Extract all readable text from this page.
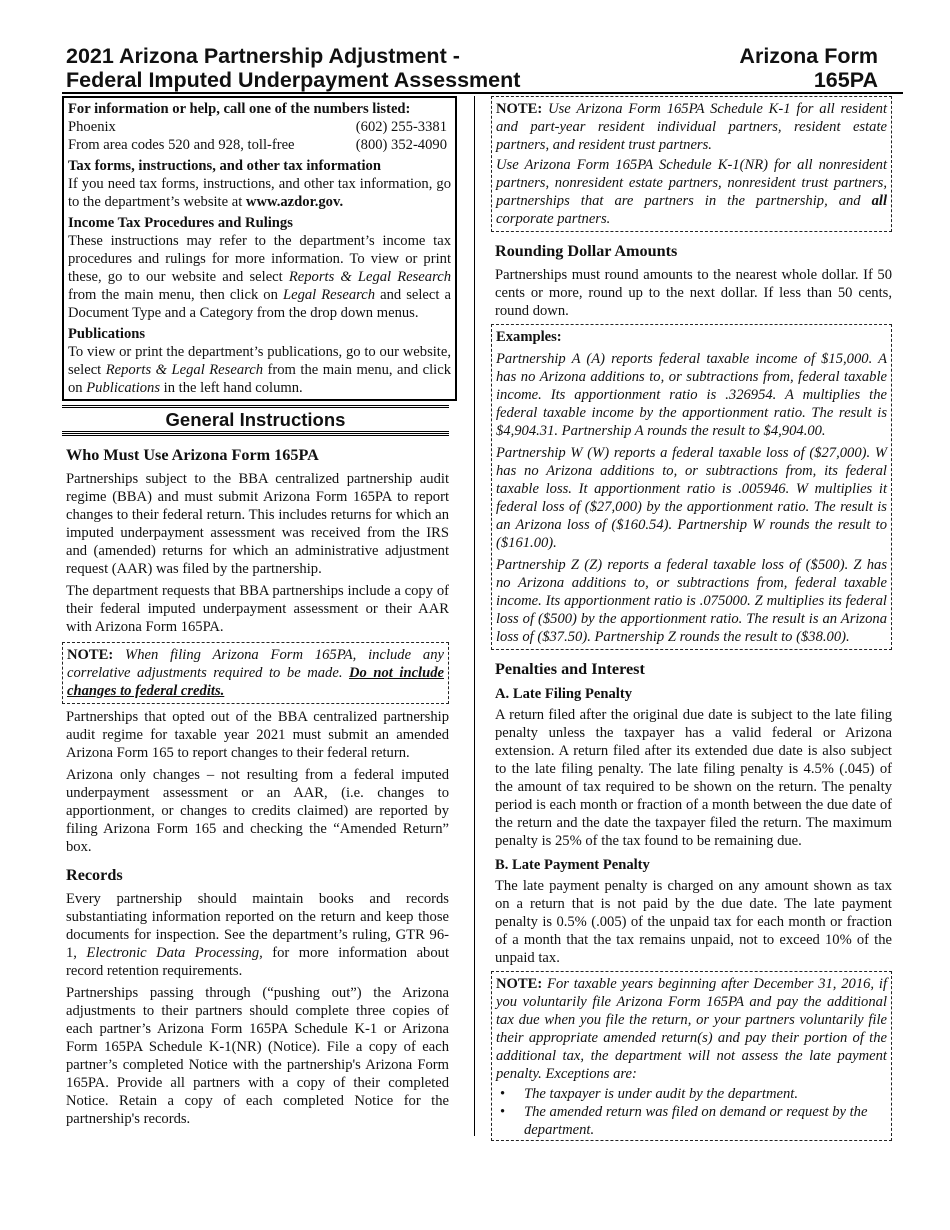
2021 Arizona Partnership Adjustment -
Federal Imputed Underpayment Assessment
Arizona Form
165PA

For information or help, call one of the numbers listed:

Phoenix	(602) 255-3381
From area codes 520 and 928, toll-free	(800) 352-4090

Tax forms, instructions, and other tax information

If you need tax forms, instructions, and other tax information, go to the department’s website at www.azdor.gov.

Income Tax Procedures and Rulings

These instructions may refer to the department’s income tax procedures and rulings for more information. To view or print these, go to our website and select Reports & Legal Research from the main menu, then click on Legal Research and select a Document Type and a Category from the drop down menus.

Publications

To view or print the department’s publications, go to our website, select Reports & Legal Research from the main menu, and click on Publications in the left hand column.

General Instructions

Who Must Use Arizona Form 165PA

Partnerships subject to the BBA centralized partnership audit regime (BBA) and must submit Arizona Form 165PA to report changes to their federal return. This includes returns for which an imputed underpayment assessment was received from the IRS and (amended) returns for which an administrative adjustment request (AAR) was filed by the partnership.

The department requests that BBA partnerships include a copy of their federal imputed underpayment assessment or their AAR with Arizona Form 165PA.

NOTE: When filing Arizona Form 165PA, include any correlative adjustments required to be made. Do not include changes to federal credits.

Partnerships that opted out of the BBA centralized partnership audit regime for taxable year 2021 must submit an amended Arizona Form 165 to report changes to their federal return.

Arizona only changes – not resulting from a federal imputed underpayment assessment or an AAR, (i.e. changes to apportionment, or changes to credits claimed) are reported by filing Arizona Form 165 and checking the “Amended Return” box.

Records

Every partnership should maintain books and records substantiating information reported on the return and keep those documents for inspection. See the department’s ruling, GTR 96-1, Electronic Data Processing, for more information about record retention requirements.

Partnerships passing through (“pushing out”) the Arizona adjustments to their partners should complete three copies of each partner’s Arizona Form 165PA Schedule K-1 or Arizona Form 165PA Schedule K-1(NR) (Notice). File a copy of each partner’s completed Notice with the partnership's Arizona Form 165PA. Provide all partners with a copy of their completed Notice. Retain a copy of each completed Notice for the partnership's records.

NOTE: Use Arizona Form 165PA Schedule K-1 for all resident and part-year resident individual partners, resident estate partners, and resident trust partners.

Use Arizona Form 165PA Schedule K-1(NR) for all nonresident partners, nonresident estate partners, nonresident trust partners, partnerships that are partners in the partnership, and all corporate partners.

Rounding Dollar Amounts

Partnerships must round amounts to the nearest whole dollar. If 50 cents or more, round up to the next dollar. If less than 50 cents, round down.

Examples:

Partnership A (A) reports federal taxable income of $15,000. A has no Arizona additions to, or subtractions from, federal taxable income. Its apportionment ratio is .326954. A multiplies the federal taxable income by the apportionment ratio. The result is $4,904.31. Partnership A rounds the result to $4,904.00.

Partnership W (W) reports a federal taxable loss of ($27,000). W has no Arizona additions to, or subtractions from, its federal taxable loss. It apportionment ratio is .005946. W multiplies it federal loss of ($27,000) by the apportionment ratio. The result is an Arizona loss of ($160.54). Partnership W rounds the result to ($161.00).

Partnership Z (Z) reports a federal taxable loss of ($500). Z has no Arizona additions to, or subtractions from, federal taxable income. Its apportionment ratio is .075000. Z multiplies its federal loss of ($500) by the apportionment ratio. The result is an Arizona loss of ($37.50). Partnership Z rounds the result to ($38.00).

Penalties and Interest

A. Late Filing Penalty

A return filed after the original due date is subject to the late filing penalty unless the taxpayer has a valid federal or Arizona extension. A return filed after its extended due date is also subject to the late filing penalty. The late filing penalty is 4.5% (.045) of the amount of tax required to be shown on the return. The penalty period is each month or fraction of a month between the due date of the return and the date the taxpayer filed the return. The maximum penalty is 25% of the tax found to be remaining due.

B. Late Payment Penalty

The late payment penalty is charged on any amount shown as tax on a return that is not paid by the due date. The late payment penalty is 0.5% (.005) of the unpaid tax for each month or fraction of a month that the tax remains unpaid, not to exceed 10% of the unpaid tax.

NOTE: For taxable years beginning after December 31, 2016, if you voluntarily file Arizona Form 165PA and pay the additional tax due when you file the return, or your partners voluntarily file their appropriate amended return(s) and pay their portion of the additional tax, the department will not assess the late payment penalty. Exceptions are:

• The taxpayer is under audit by the department.
• The amended return was filed on demand or request by the department.
